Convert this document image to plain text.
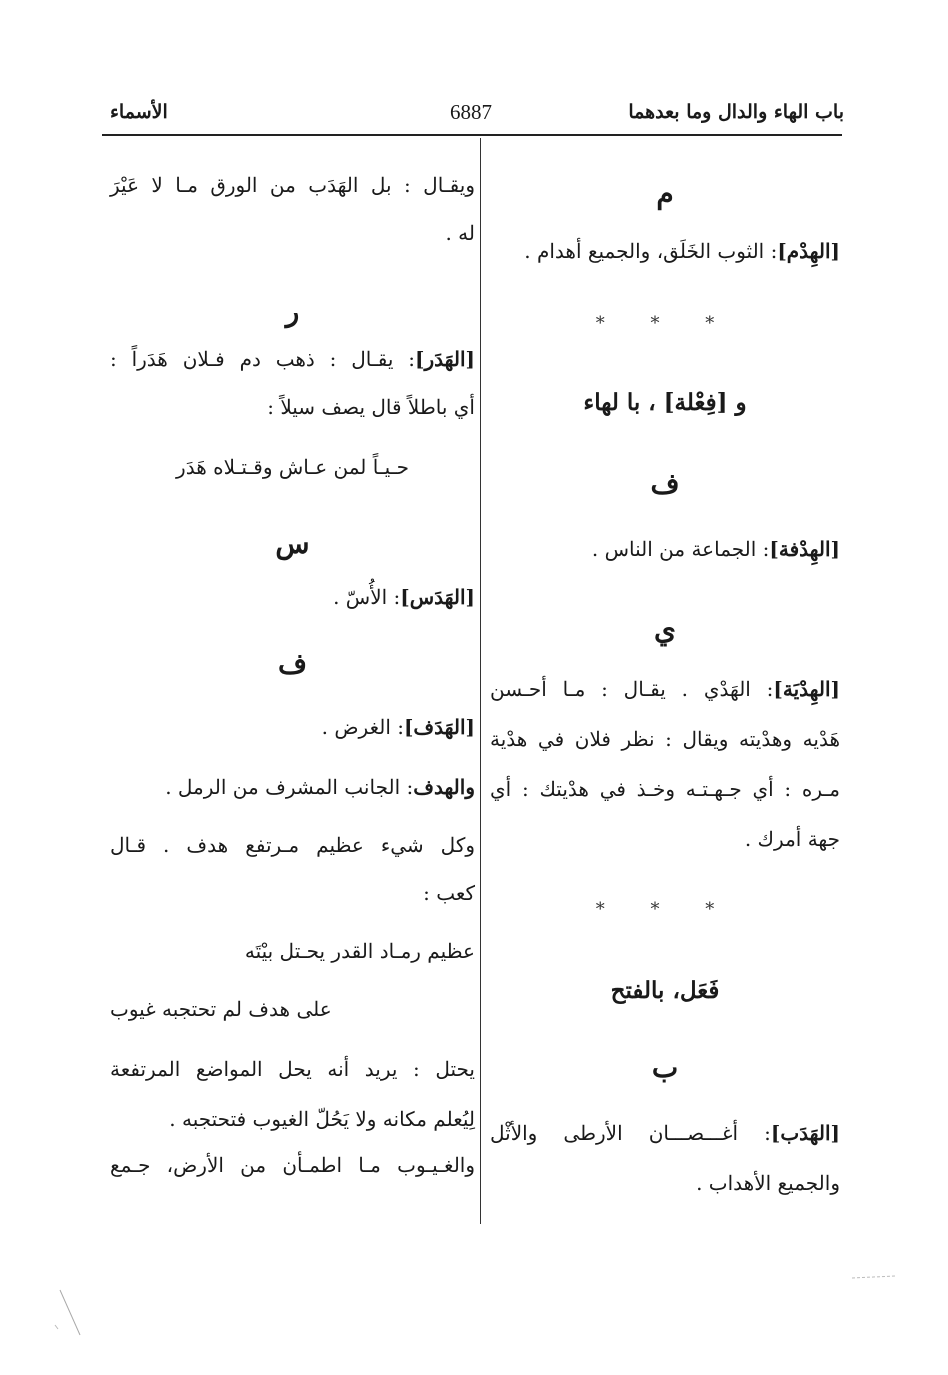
باب الهاء والدال وما بعدهما
6887
الأسماء
م
[الهِدْم]: الثوب الخَلَق، والجميع أهدام .
* * *
و [فِعْلة] ، با لهاء
ف
[الهِدْفة]: الجماعة من الناس .
ي
[الهِدْيَة]: الهَدْي . يقـال : مـا أحـسن
هَدْيه وهدْيته ويقال : نظر فلان في هدْية
مـره : أي جـهـتـه وخـذ في هدْيتك : أي
جهة أمرك .
* * *
فَعَل، بالفتح
ب
[الهَدَب]: أغـــصـــان الأرطى والأثْل
والجميع الأهداب .
ويقـال : بل الهَدَب من الورق مـا لا عَيْرَ
له .
ر
[الهَدَر]: يقـال : ذهب دم فـلان هَدَراً :
أي باطلاً قال يصف سيلاً :
حـيـاً لمن عـاش وقـتـلاه هَدَر
س
[الهَدَس]: الأُسّ .
ف
[الهَدَف]: الغرض .
والهدف: الجانب المشرف من الرمل .
وكل شيء عظيم مـرتفع هدف . قـال
كعب :
عظيم رمـاد القدر يحـتل بيْتَه
على هدف لم تحتجبه غيوب
يحتل : يريد أنه يحل المواضع المرتفعة
لِيُعلم مكانه ولا يَحُلّ الغيوب فتحتجبه .
والغـيـوب مـا اطمـأن من الأرض، جـمع
